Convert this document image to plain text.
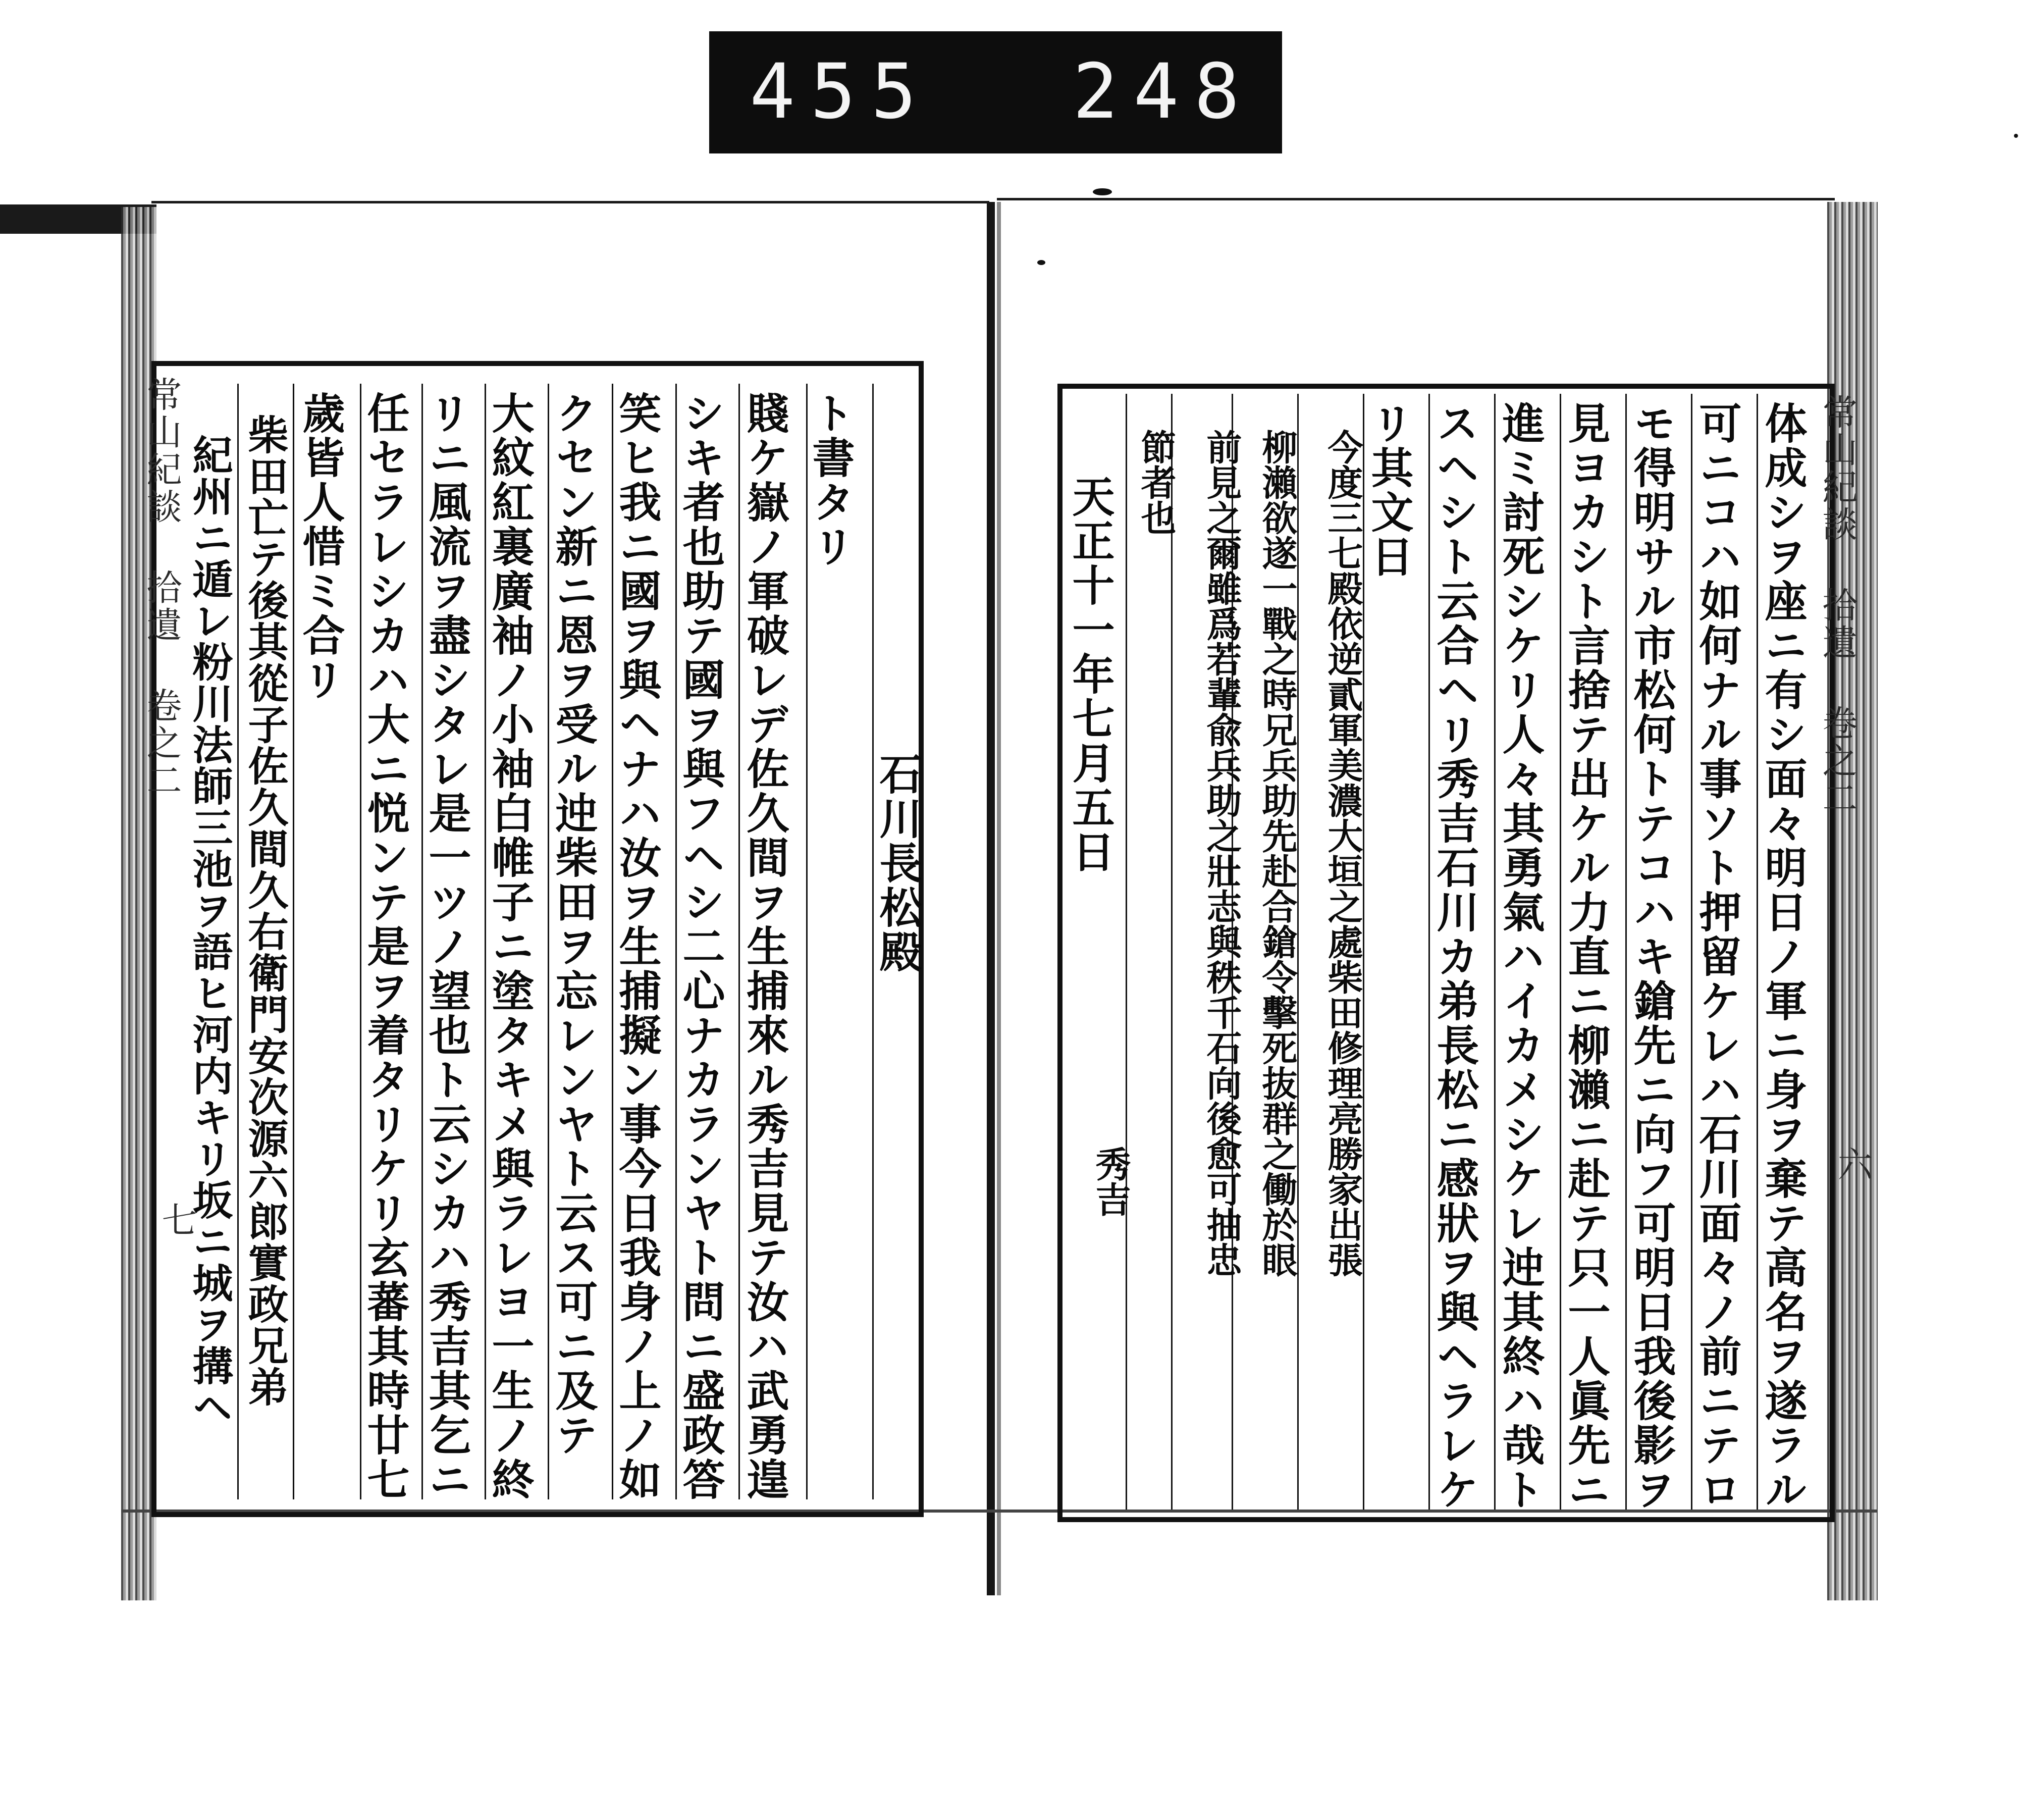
455 248
常山紀談 拾遺 卷之二
七
石川長松殿
ト書タリ
賤ケ嶽ノ軍破レデ佐久間ヲ生捕來ル秀吉見テ汝ハ武勇遑
シキ者也助テ國ヲ與フヘシ二心ナカランヤト問ニ盛政答
笑ヒ我ニ國ヲ與ヘナハ汝ヲ生捕擬ン事今日我身ノ上ノ如
クセン新ニ恩ヲ受ル迚柴田ヲ忘レンヤト云ス可ニ及テ
大紋紅裏廣袖ノ小袖白帷子ニ塗タキメ與ラレヨ一生ノ終
リニ風流ヲ盡シタレ是一ツノ望也ト云シカハ秀吉其乞ニ
任セラレシカハ大ニ悦ンテ是ヲ着タリケリ玄蕃其時廿七
歲皆人惜ミ合リ
柴田亡テ後其從子佐久間久右衛門安次源六郎實政兄弟
紀州ニ遁レ粉川法師三池ヲ語ヒ河内キリ坂ニ城ヲ搆ヘ	常山紀談 拾遺 卷之二
六
体成シヲ座ニ有シ面々明日ノ軍ニ身ヲ棄テ高名ヲ遂ラル
可ニコハ如何ナル事ソト押留ケレハ石川面々ノ前ニテロ
モ得明サル市松何トテコハキ鎗先ニ向フ可明日我後影ヲ
見ヨカシト言捨テ出ケル力直ニ柳瀨ニ赴テ只一人眞先ニ
進ミ討死シケリ人々其勇氣ハイカメシケレ迚其終ハ哉ト
スヘシト云合ヘリ秀吉石川カ弟長松ニ感狀ヲ與ヘラレケ
リ其文日
今度三七殿依逆貳軍美濃大垣之處柴田修理亮勝家出張
柳瀨欲遂一戰之時兄兵助先赴合鎗令擊死抜群之働於眼
前見之爾雖爲若輩兪兵助之壯志與秩千石向後愈可抽忠
節者也
天正十一年七月五日
秀吉
